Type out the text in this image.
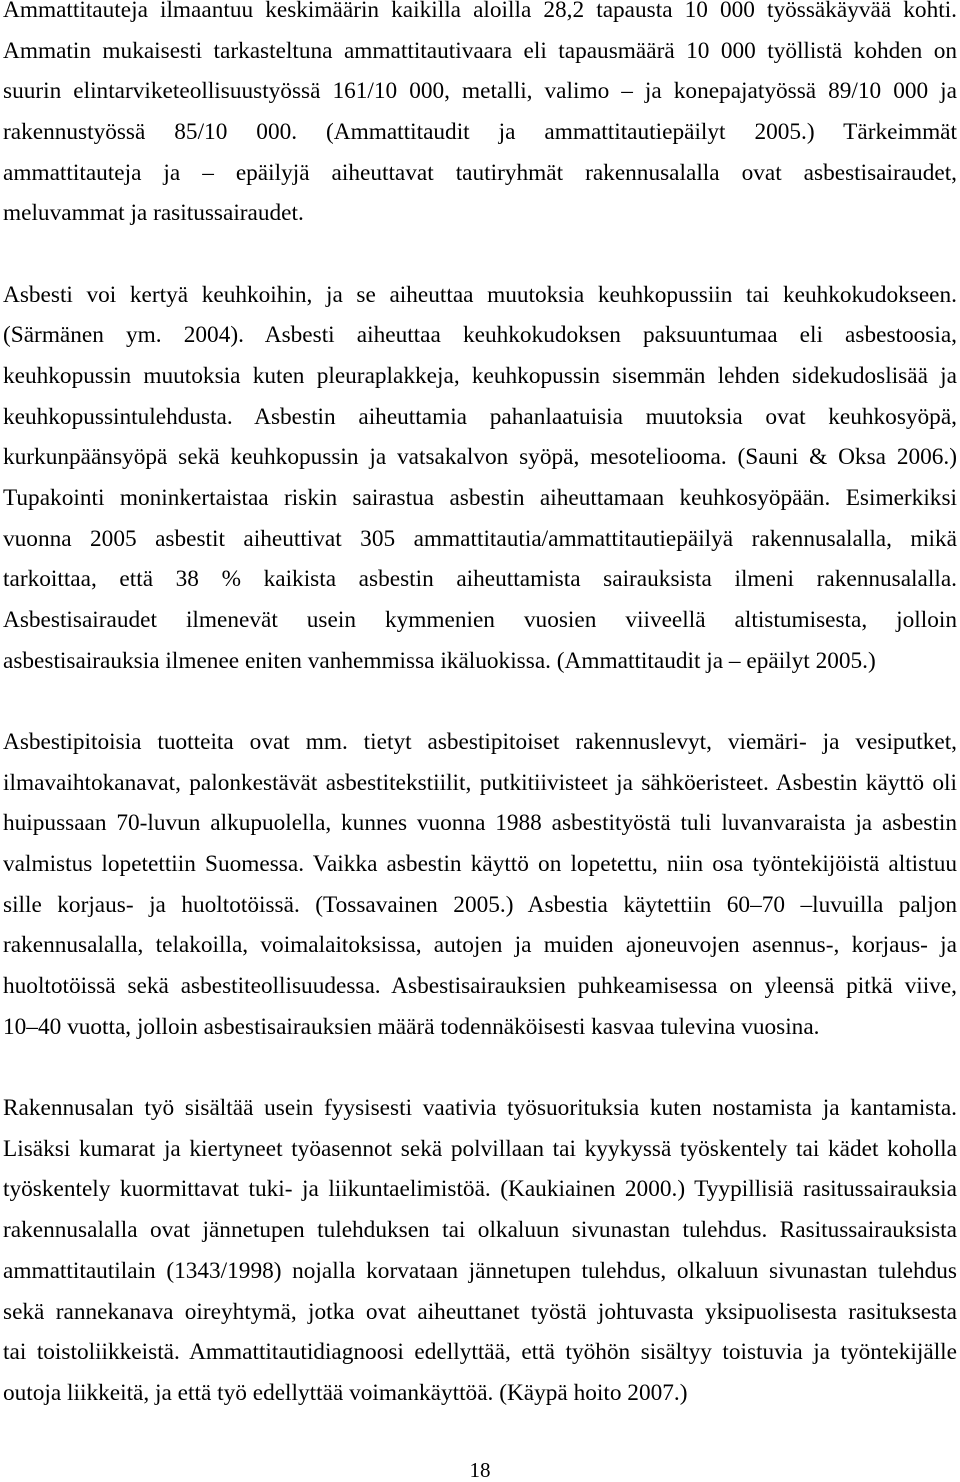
Ammattitauteja ilmaantuu keskimäärin kaikilla aloilla 28,2 tapausta 10 000 työssäkäyvää kohti.
Ammatin mukaisesti tarkasteltuna ammattitautivaara eli tapausmäärä 10 000 työllistä kohden on
suurin elintarviketeollisuustyössä 161/10 000, metalli, valimo – ja konepajatyössä 89/10 000 ja
rakennustyössä 85/10 000. (Ammattitaudit ja ammattitautiepäilyt 2005.) Tärkeimmät
ammattitauteja ja – epäilyjä aiheuttavat tautiryhmät rakennusalalla ovat asbestisairaudet,
meluvammat ja rasitussairaudet.
Asbesti voi kertyä keuhkoihin, ja se aiheuttaa muutoksia keuhkopussiin tai keuhkokudokseen.
(Särmänen ym. 2004). Asbesti aiheuttaa keuhkokudoksen paksuuntumaa eli asbestoosia,
keuhkopussin muutoksia kuten pleuraplakkeja, keuhkopussin sisemmän lehden sidekudoslisää ja
keuhkopussintulehdusta. Asbestin aiheuttamia pahanlaatuisia muutoksia ovat keuhkosyöpä,
kurkunpäänsyöpä sekä keuhkopussin ja vatsakalvon syöpä, mesoteliooma. (Sauni & Oksa 2006.)
Tupakointi moninkertaistaa riskin sairastua asbestin aiheuttamaan keuhkosyöpään. Esimerkiksi
vuonna 2005 asbestit aiheuttivat 305 ammattitautia/ammattitautiepäilyä rakennusalalla, mikä
tarkoittaa, että 38 % kaikista asbestin aiheuttamista sairauksista ilmeni rakennusalalla.
Asbestisairaudet ilmenevät usein kymmenien vuosien viiveellä altistumisesta, jolloin
asbestisairauksia ilmenee eniten vanhemmissa ikäluokissa. (Ammattitaudit ja – epäilyt 2005.)
Asbestipitoisia tuotteita ovat mm. tietyt asbestipitoiset rakennuslevyt, viemäri- ja vesiputket,
ilmavaihtokanavat, palonkestävät asbestitekstiilit, putkitiivisteet ja sähköeristeet. Asbestin käyttö oli
huipussaan 70-luvun alkupuolella, kunnes vuonna 1988 asbestityöstä tuli luvanvaraista ja asbestin
valmistus lopetettiin Suomessa. Vaikka asbestin käyttö on lopetettu, niin osa työntekijöistä altistuu
sille korjaus- ja huoltotöissä. (Tossavainen 2005.) Asbestia käytettiin 60–70 –luvuilla paljon
rakennusalalla, telakoilla, voimalaitoksissa, autojen ja muiden ajoneuvojen asennus-, korjaus- ja
huoltotöissä sekä asbestiteollisuudessa. Asbestisairauksien puhkeamisessa on yleensä pitkä viive,
10–40 vuotta, jolloin asbestisairauksien määrä todennäköisesti kasvaa tulevina vuosina.
Rakennusalan työ sisältää usein fyysisesti vaativia työsuorituksia kuten nostamista ja kantamista.
Lisäksi kumarat ja kiertyneet työasennot sekä polvillaan tai kyykyssä työskentely tai kädet koholla
työskentely kuormittavat tuki- ja liikuntaelimistöä. (Kaukiainen 2000.) Tyypillisiä rasitussairauksia
rakennusalalla ovat jännetupen tulehduksen tai olkaluun sivunastan tulehdus. Rasitussairauksista
ammattitautilain (1343/1998) nojalla korvataan jännetupen tulehdus, olkaluun sivunastan tulehdus
sekä rannekanava oireyhtymä, jotka ovat aiheuttanet työstä johtuvasta yksipuolisesta rasituksesta
tai toistoliikkeistä. Ammattitautidiagnoosi edellyttää, että työhön sisältyy toistuvia ja työntekijälle
outoja liikkeitä, ja että työ edellyttää voimankäyttöä. (Käypä hoito 2007.)
18
